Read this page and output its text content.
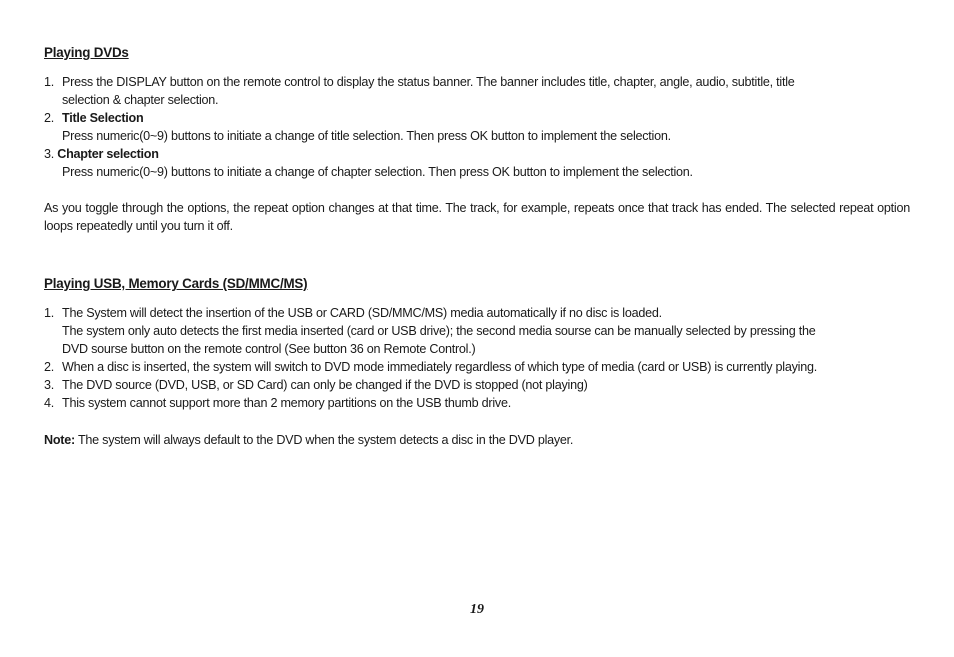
Playing DVDs
1. Press the DISPLAY button on the remote control to display the status banner. The banner includes title, chapter, angle, audio, subtitle, title
selection & chapter selection.
2. Title Selection
Press numeric(0~9) buttons to initiate a change of title selection. Then press OK button to implement the selection.
3. Chapter selection
Press numeric(0~9) buttons to initiate a change of chapter selection. Then press OK button to implement the selection.
As you toggle through the options, the repeat option changes at that time. The track, for example, repeats once that track has ended. The selected repeat option loops repeatedly until you turn it off.
Playing USB, Memory Cards (SD/MMC/MS)
1. The System will detect the insertion of the USB or CARD (SD/MMC/MS) media automatically if no disc is loaded.
The system only auto detects the first media inserted (card or USB drive); the second media sourse can be manually selected by pressing the
DVD sourse button on the remote control (See button 36 on Remote Control.)
2. When a disc is inserted, the system will switch to DVD mode immediately regardless of which type of media (card or USB) is currently playing.
3. The DVD source (DVD, USB, or SD Card) can only be changed if the DVD is stopped (not playing)
4. This system cannot support more than 2 memory partitions on the USB thumb drive.
Note: The system will always default to the DVD when the system detects a disc in the DVD player.
19
